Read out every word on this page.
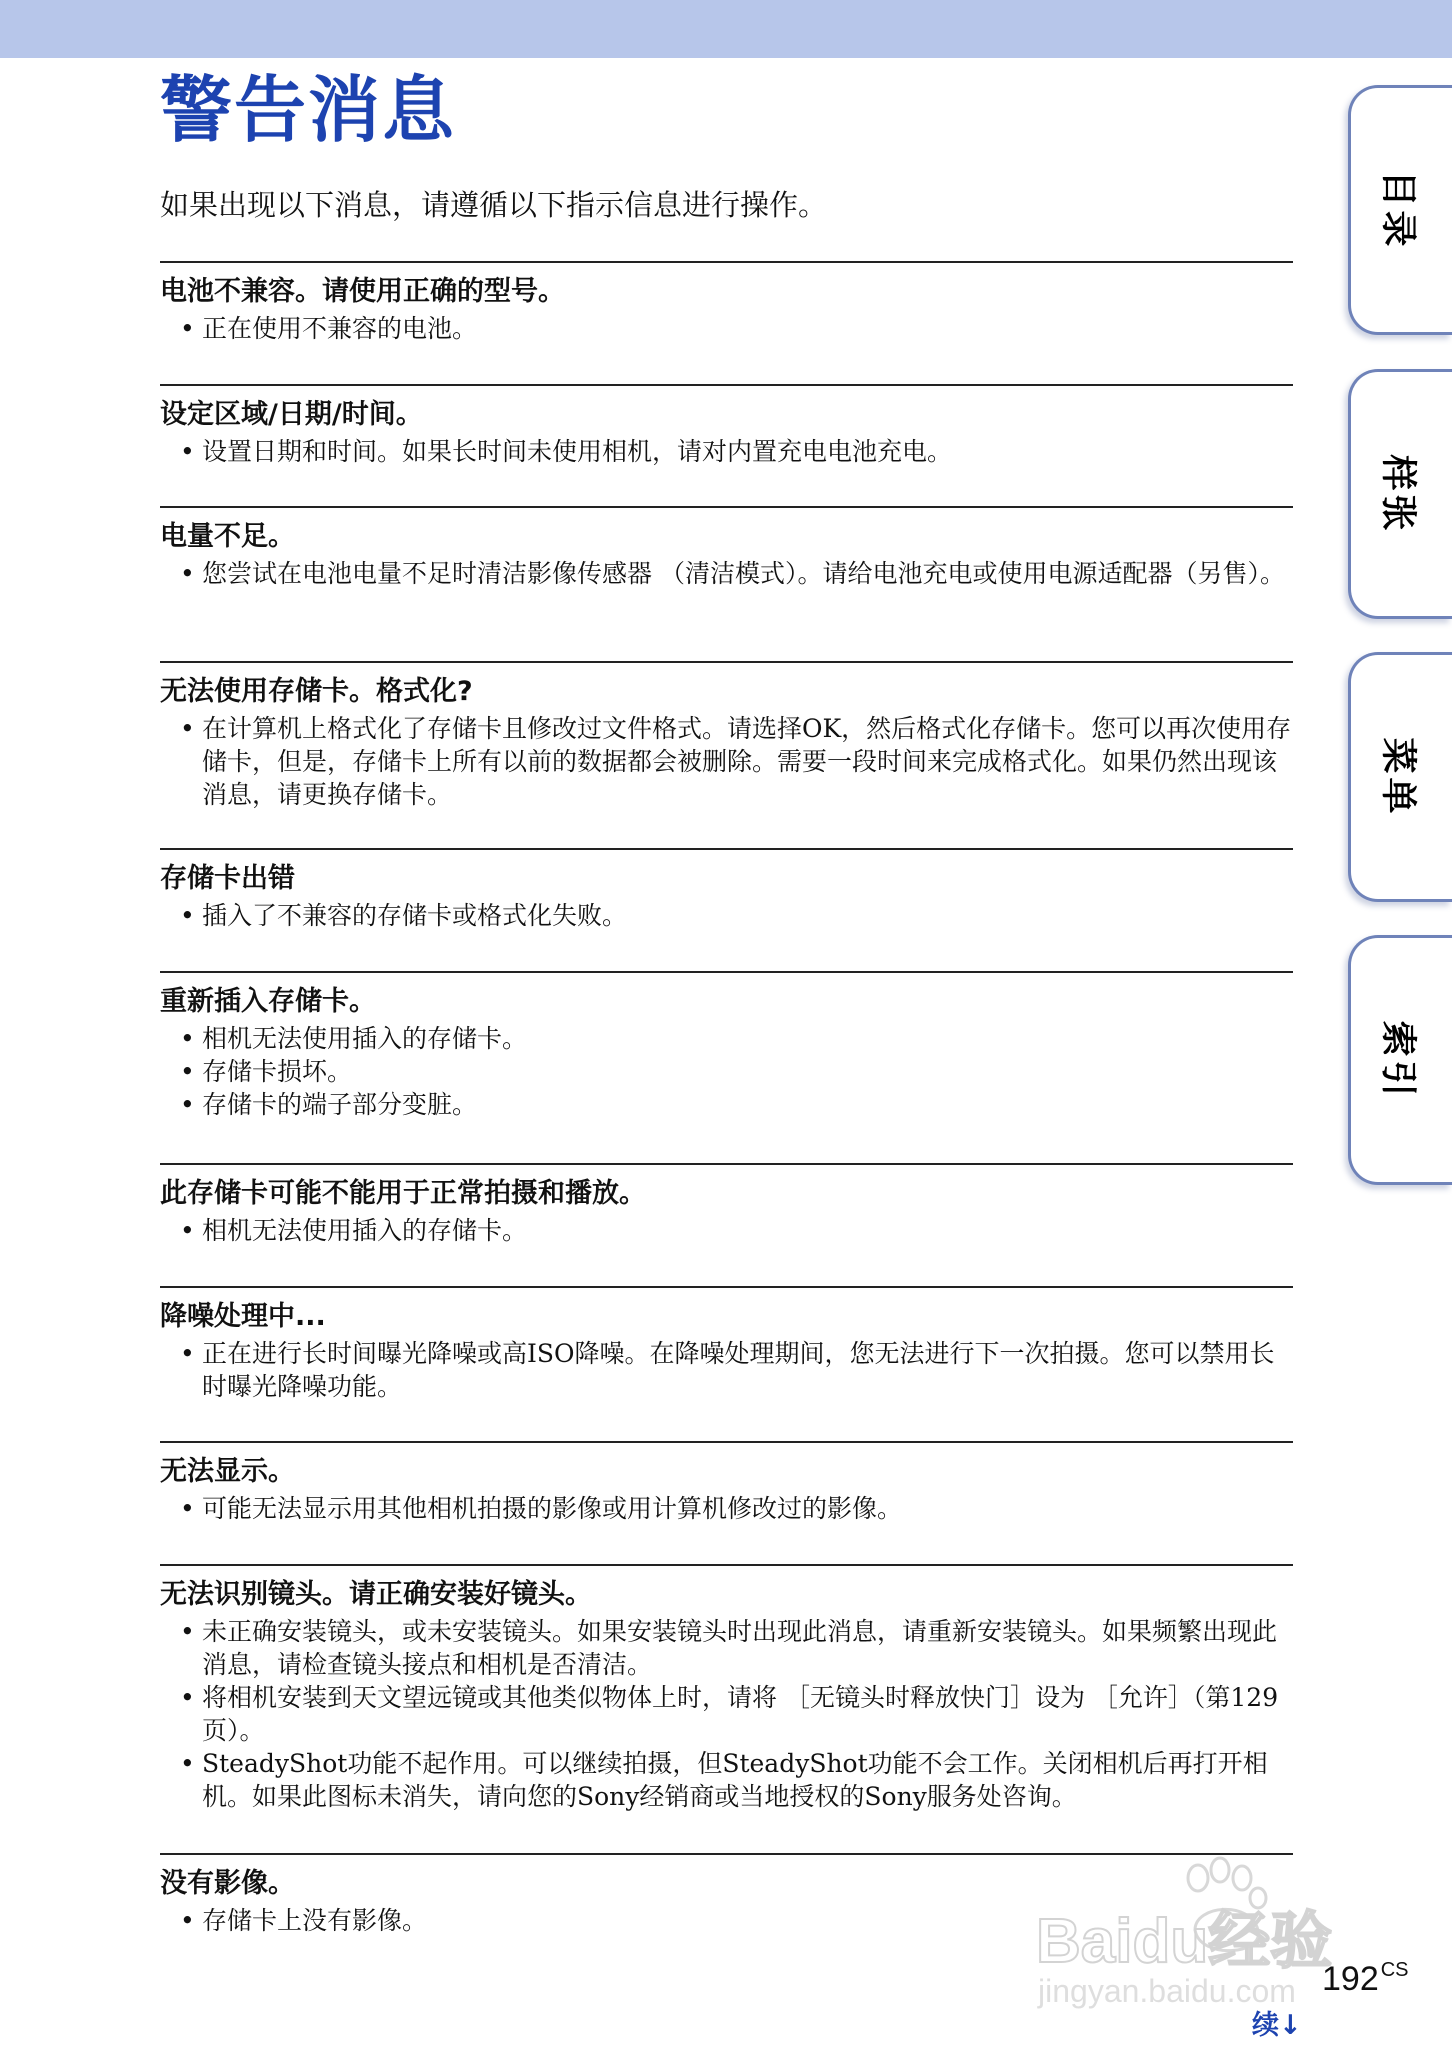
警告消息

如果出现以下消息，请遵循以下指示信息进行操作。

电池不兼容。请使用正确的型号。
• 正在使用不兼容的电池。
设定区域/日期/时间。
• 设置日期和时间。如果长时间未使用相机，请对内置充电电池充电。
电量不足。
• 您尝试在电池电量不足时清洁影像传感器 （清洁模式）。请给电池充电或使用电源适配器（另售）。
无法使用存储卡。格式化?
• 在计算机上格式化了存储卡且修改过文件格式。请选择OK，然后格式化存储卡。您可以再次使用存储卡，但是，存储卡上所有以前的数据都会被删除。需要一段时间来完成格式化。如果仍然出现该消息，请更换存储卡。
存储卡出错
• 插入了不兼容的存储卡或格式化失败。
重新插入存储卡。
• 相机无法使用插入的存储卡。
• 存储卡损坏。
• 存储卡的端子部分变脏。
此存储卡可能不能用于正常拍摄和播放。
• 相机无法使用插入的存储卡。
降噪处理中...
• 正在进行长时间曝光降噪或高ISO降噪。在降噪处理期间，您无法进行下一次拍摄。您可以禁用长时曝光降噪功能。
无法显示。
• 可能无法显示用其他相机拍摄的影像或用计算机修改过的影像。
无法识别镜头。请正确安装好镜头。
• 未正确安装镜头，或未安装镜头。如果安装镜头时出现此消息，请重新安装镜头。如果频繁出现此消息，请检查镜头接点和相机是否清洁。
• 将相机安装到天文望远镜或其他类似物体上时，请将 ［无镜头时释放快门］设为 ［允许］（第129页）。
• SteadyShot功能不起作用。可以继续拍摄，但SteadyShot功能不会工作。关闭相机后再打开相机。如果此图标未消失，请向您的Sony经销商或当地授权的Sony服务处咨询。
没有影像。
• 存储卡上没有影像。
目录
样张
菜单
索引
Baidu经验
jingyan.baidu.com 192 $^{CS}$
续↓
